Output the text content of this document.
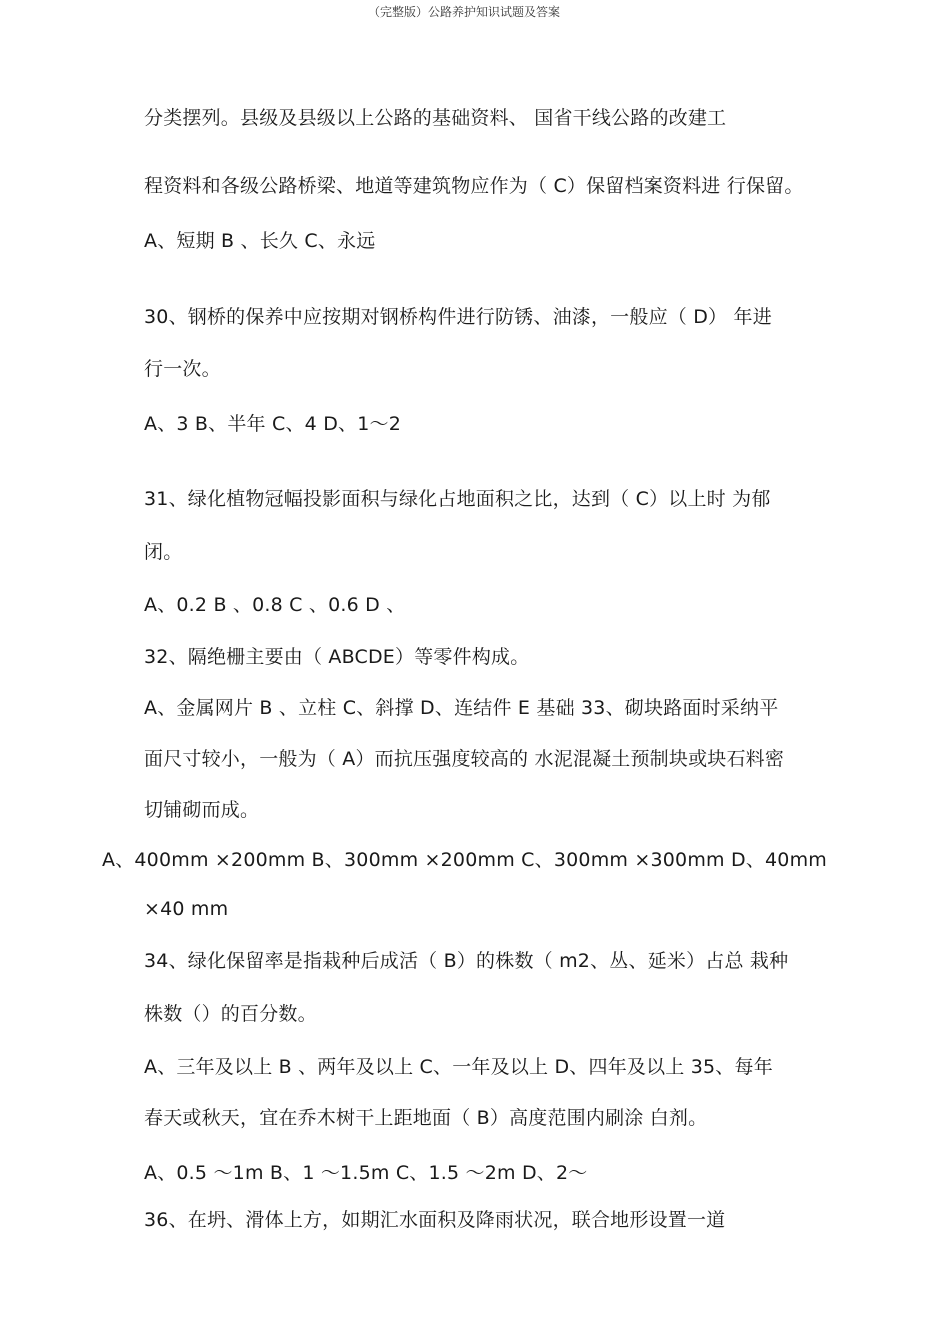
（完整版）公路养护知识试题及答案
分类摆列。县级及县级以上公路的基础资料、 国省干线公路的改建工
程资料和各级公路桥梁、地道等建筑物应作为（ C）保留档案资料进 行保留。
A、短期 B 、长久 C、永远
30、钢桥的保养中应按期对钢桥构件进行防锈、油漆，一般应（ D） 年进
行一次。
A、3 B、半年 C、4 D、1～2
31、绿化植物冠幅投影面积与绿化占地面积之比，达到（ C）以上时 为郁
闭。
A、0.2 B 、0.8 C 、0.6 D 、
32、隔绝栅主要由（ ABCDE）等零件构成。
A、金属网片 B 、立柱 C、斜撑 D、连结件 E 基础 33、砌块路面时采纳平
面尺寸较小，一般为（ A）而抗压强度较高的 水泥混凝土预制块或块石料密
切铺砌而成。
A、400mm ×200mm B、300mm ×200mm C、300mm ×300mm D、40mm
×40 mm
34、绿化保留率是指栽种后成活（ B）的株数（ m2、丛、延米）占总 栽种
株数（）的百分数。
A、三年及以上 B 、两年及以上 C、一年及以上 D、四年及以上 35、每年
春天或秋天，宜在乔木树干上距地面（ B）高度范围内刷涂 白剂。
A、0.5 ～1m B、1 ～1.5m C、1.5 ～2m D、2～
36、在坍、滑体上方，如期汇水面积及降雨状况，联合地形设置一道
